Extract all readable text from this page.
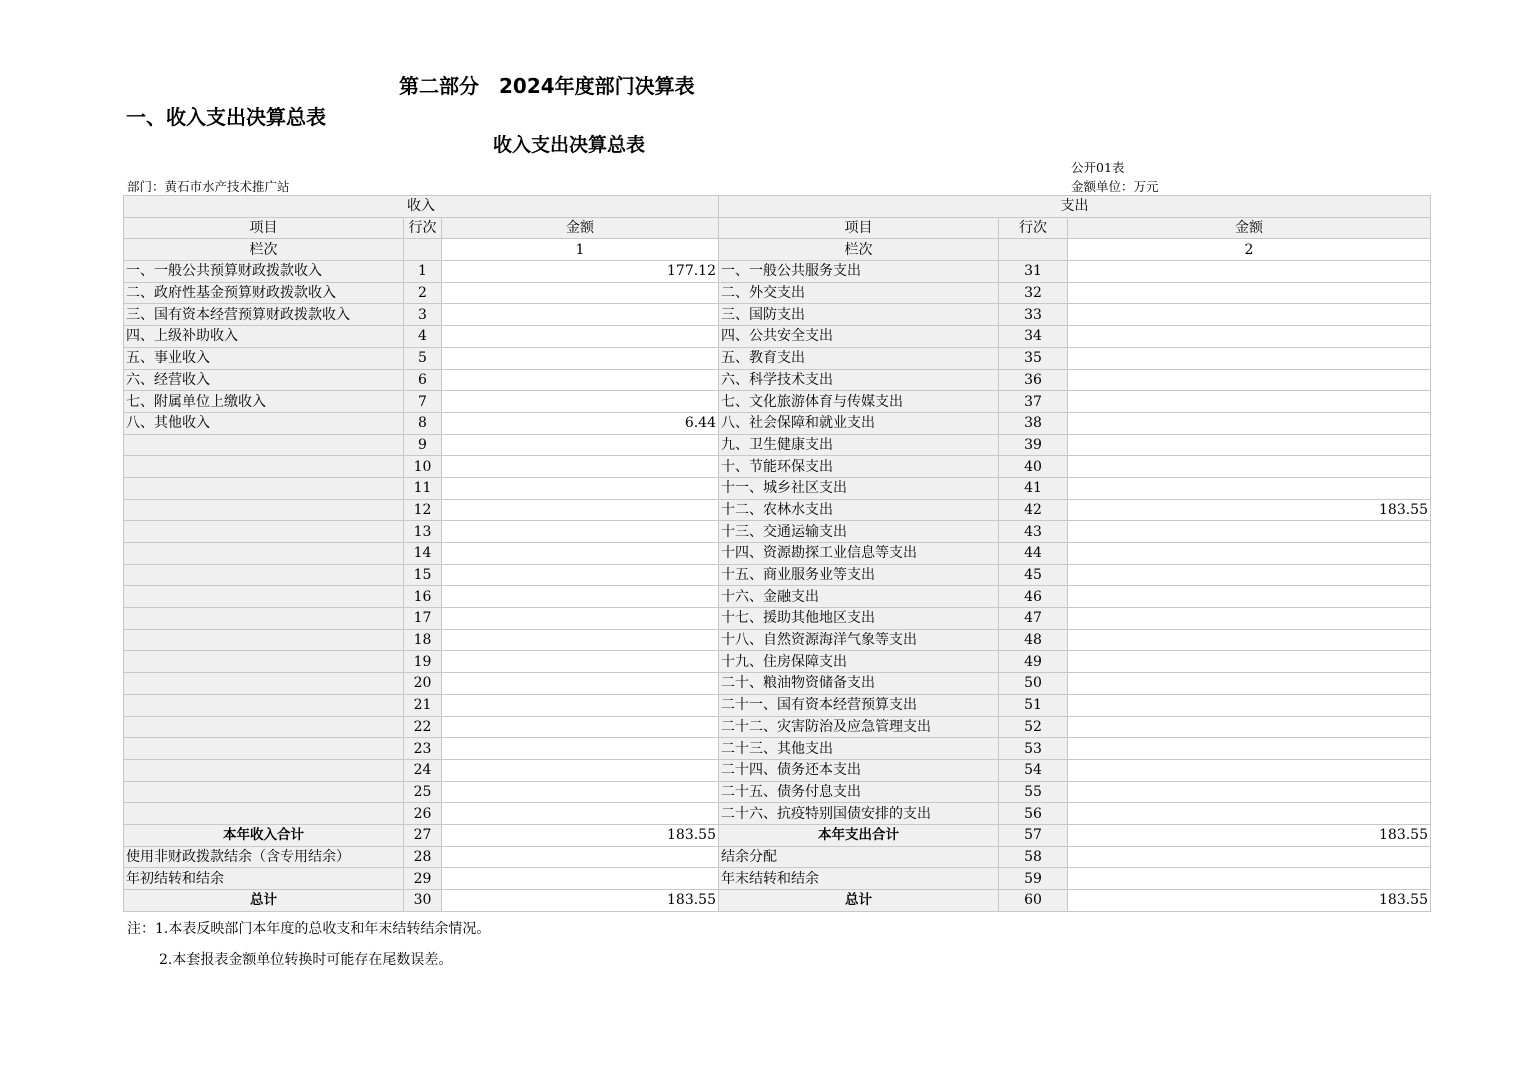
第二部分　2024年度部门决算表
一、收入支出决算总表
收入支出决算总表
公开01表
部门：黄石市水产技术推广站	金额单位：万元
收入			支出		
项目	行次	金额	项目	行次	金额
栏次		1	栏次		2
一、一般公共预算财政拨款收入	1	177.12	一、一般公共服务支出	31	
二、政府性基金预算财政拨款收入	2		二、外交支出	32	
三、国有资本经营预算财政拨款收入	3		三、国防支出	33	
四、上级补助收入	4		四、公共安全支出	34	
五、事业收入	5		五、教育支出	35	
六、经营收入	6		六、科学技术支出	36	
七、附属单位上缴收入	7		七、文化旅游体育与传媒支出	37	
八、其他收入	8	6.44	八、社会保障和就业支出	38	
	9		九、卫生健康支出	39	
	10		十、节能环保支出	40	
	11		十一、城乡社区支出	41	
	12		十二、农林水支出	42	183.55
	13		十三、交通运输支出	43	
	14		十四、资源勘探工业信息等支出	44	
	15		十五、商业服务业等支出	45	
	16		十六、金融支出	46	
	17		十七、援助其他地区支出	47	
	18		十八、自然资源海洋气象等支出	48	
	19		十九、住房保障支出	49	
	20		二十、粮油物资储备支出	50	
	21		二十一、国有资本经营预算支出	51	
	22		二十二、灾害防治及应急管理支出	52	
	23		二十三、其他支出	53	
	24		二十四、债务还本支出	54	
	25		二十五、债务付息支出	55	
	26		二十六、抗疫特别国债安排的支出	56	
本年收入合计	27	183.55	本年支出合计	57	183.55
使用非财政拨款结余（含专用结余）	28		结余分配	58	
年初结转和结余	29		年末结转和结余	59	
总计	30	183.55	总计	60	183.55
注：1.本表反映部门本年度的总收支和年末结转结余情况。
2.本套报表金额单位转换时可能存在尾数误差。
